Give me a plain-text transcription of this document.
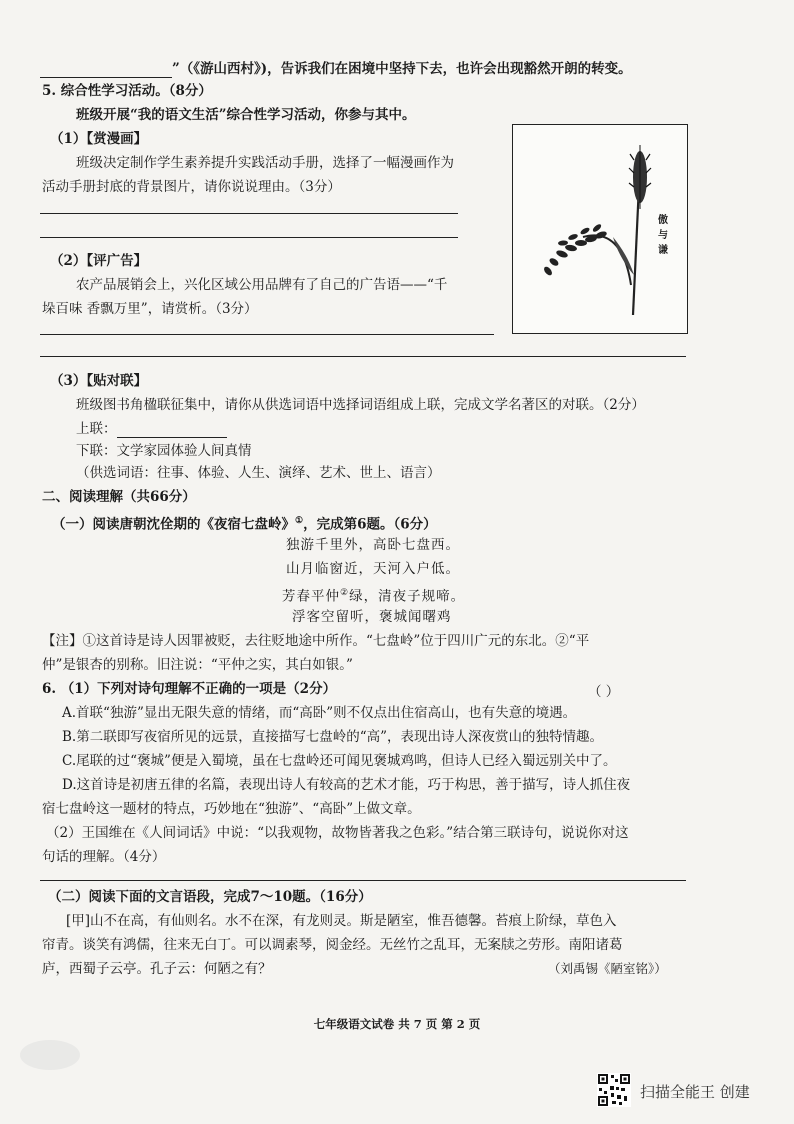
”（《游山西村》)，告诉我们在困境中坚持下去，也许会出现豁然开朗的转变。
5. 综合性学习活动。（8分）
班级开展“我的语文生活”综合性学习活动，你参与其中。
（1）【赏漫画】
班级决定制作学生素养提升实践活动手册，选择了一幅漫画作为
活动手册封底的背景图片，请你说说理由。（3分）
傲与谦
（2）【评广告】
农产品展销会上，兴化区域公用品牌有了自己的广告语——“千
垛百味 香飘万里”，请赏析。（3分）
（3）【贴对联】
班级图书角楹联征集中，请你从供选词语中选择词语组成上联，完成文学名著区的对联。（2分）
上联：
下联：文学家园体验人间真情
（供选词语：往事、体验、人生、演绎、艺术、世上、语言）
二、阅读理解（共66分）
（一）阅读唐朝沈佺期的《夜宿七盘岭》①，完成第6题。（6分）
独游千里外，高卧七盘西。
山月临窗近，天河入户低。
芳春平仲②绿，清夜子规啼。
浮客空留听，褒城闻曙鸡
【注】①这首诗是诗人因罪被贬，去往贬地途中所作。“七盘岭”位于四川广元的东北。②“平
仲”是银杏的别称。旧注说：“平仲之实，其白如银。”
6. （1）下列对诗句理解不正确的一项是（2分）	（ ）
A.首联“独游”显出无限失意的情绪，而“高卧”则不仅点出住宿高山，也有失意的境遇。
B.第二联即写夜宿所见的远景，直接描写七盘岭的“高”，表现出诗人深夜赏山的独特情趣。
C.尾联的过“褒城”便是入蜀境，虽在七盘岭还可闻见褒城鸡鸣，但诗人已经入蜀远别关中了。
D.这首诗是初唐五律的名篇，表现出诗人有较高的艺术才能，巧于构思，善于描写，诗人抓住夜
宿七盘岭这一题材的特点，巧妙地在“独游”、“高卧”上做文章。
（2）王国维在《人间词话》中说：“以我观物，故物皆著我之色彩。”结合第三联诗句，说说你对这
句话的理解。（4分）
（二）阅读下面的文言语段，完成7～10题。（16分）
[甲]山不在高，有仙则名。水不在深，有龙则灵。斯是陋室，惟吾德馨。苔痕上阶绿，草色入
帘青。谈笑有鸿儒，往来无白丁。可以调素琴，阅金经。无丝竹之乱耳，无案牍之劳形。南阳诸葛
庐，西蜀子云亭。孔子云：何陋之有？	（刘禹锡《陋室铭》）
七年级语文试卷 共 7 页 第 2 页
扫描全能王 创建
